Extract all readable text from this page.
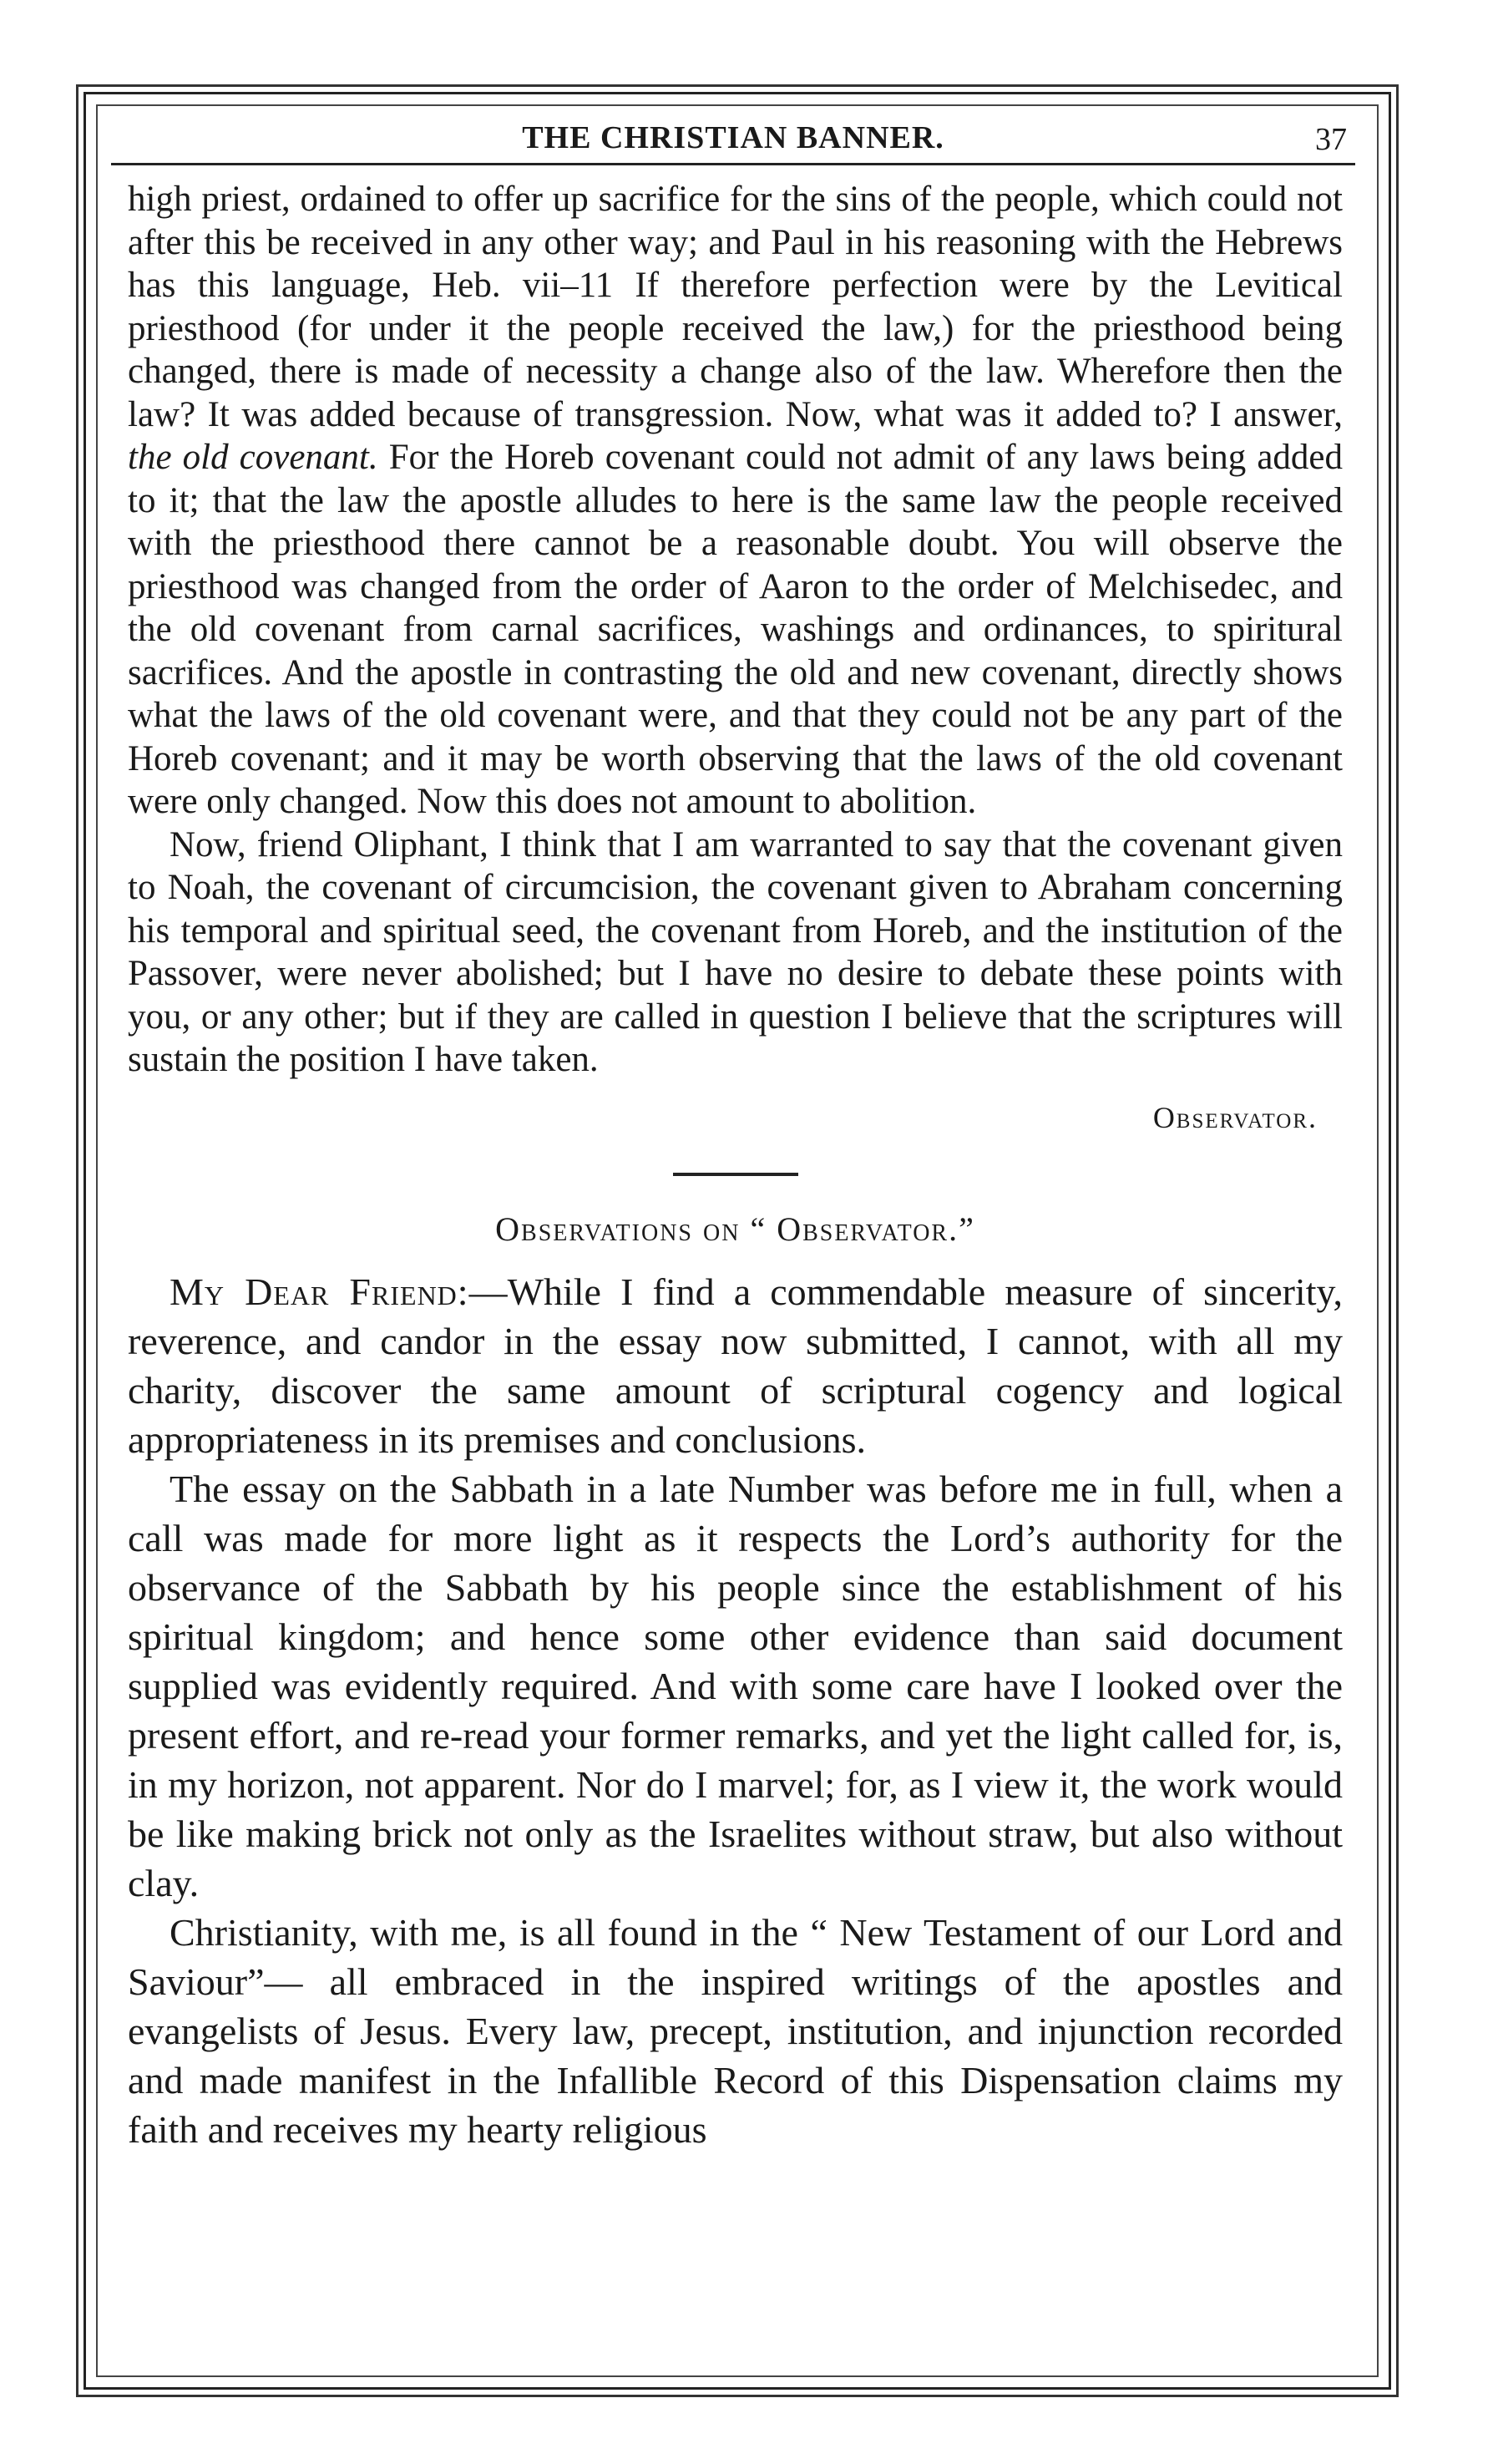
THE CHRISTIAN BANNER.	37

high priest, ordained to offer up sacrifice for the sins of the people, which could not after this be received in any other way; and Paul in his reasoning with the Hebrews has this language, Heb. vii–11 If therefore perfection were by the Levitical priesthood (for under it the people received the law,) for the priesthood being changed, there is made of necessity a change also of the law. Wherefore then the law? It was added because of transgression. Now, what was it added to? I answer, the old covenant. For the Horeb covenant could not admit of any laws being added to it; that the law the apostle alludes to here is the same law the people received with the priesthood there cannot be a reasonable doubt. You will observe the priesthood was changed from the order of Aaron to the order of Melchisedec, and the old covenant from carnal sacrifices, washings and ordinances, to spiritural sacrifices. And the apostle in contrasting the old and new covenant, directly shows what the laws of the old covenant were, and that they could not be any part of the Horeb covenant; and it may be worth observing that the laws of the old covenant were only changed. Now this does not amount to abolition.

Now, friend Oliphant, I think that I am warranted to say that the covenant given to Noah, the covenant of circumcision, the covenant given to Abraham concerning his temporal and spiritual seed, the covenant from Horeb, and the institution of the Passover, were never abolished; but I have no desire to debate these points with you, or any other; but if they are called in question I believe that the scriptures will sustain the position I have taken.

Observator.
Observations on “ Observator.”

My Dear Friend:—While I find a commendable measure of sincerity, reverence, and candor in the essay now submitted, I cannot, with all my charity, discover the same amount of scriptural cogency and logical appropriateness in its premises and conclusions.

The essay on the Sabbath in a late Number was before me in full, when a call was made for more light as it respects the Lord’s authority for the observance of the Sabbath by his people since the establishment of his spiritual kingdom; and hence some other evidence than said document supplied was evidently required. And with some care have I looked over the present effort, and re-read your former remarks, and yet the light called for, is, in my horizon, not apparent. Nor do I marvel; for, as I view it, the work would be like making brick not only as the Israelites without straw, but also without clay.

Christianity, with me, is all found in the “ New Testament of our Lord and Saviour”— all embraced in the inspired writings of the apostles and evangelists of Jesus. Every law, precept, institution, and injunction recorded and made manifest in the Infallible Record of this Dispensation claims my faith and receives my hearty religious
